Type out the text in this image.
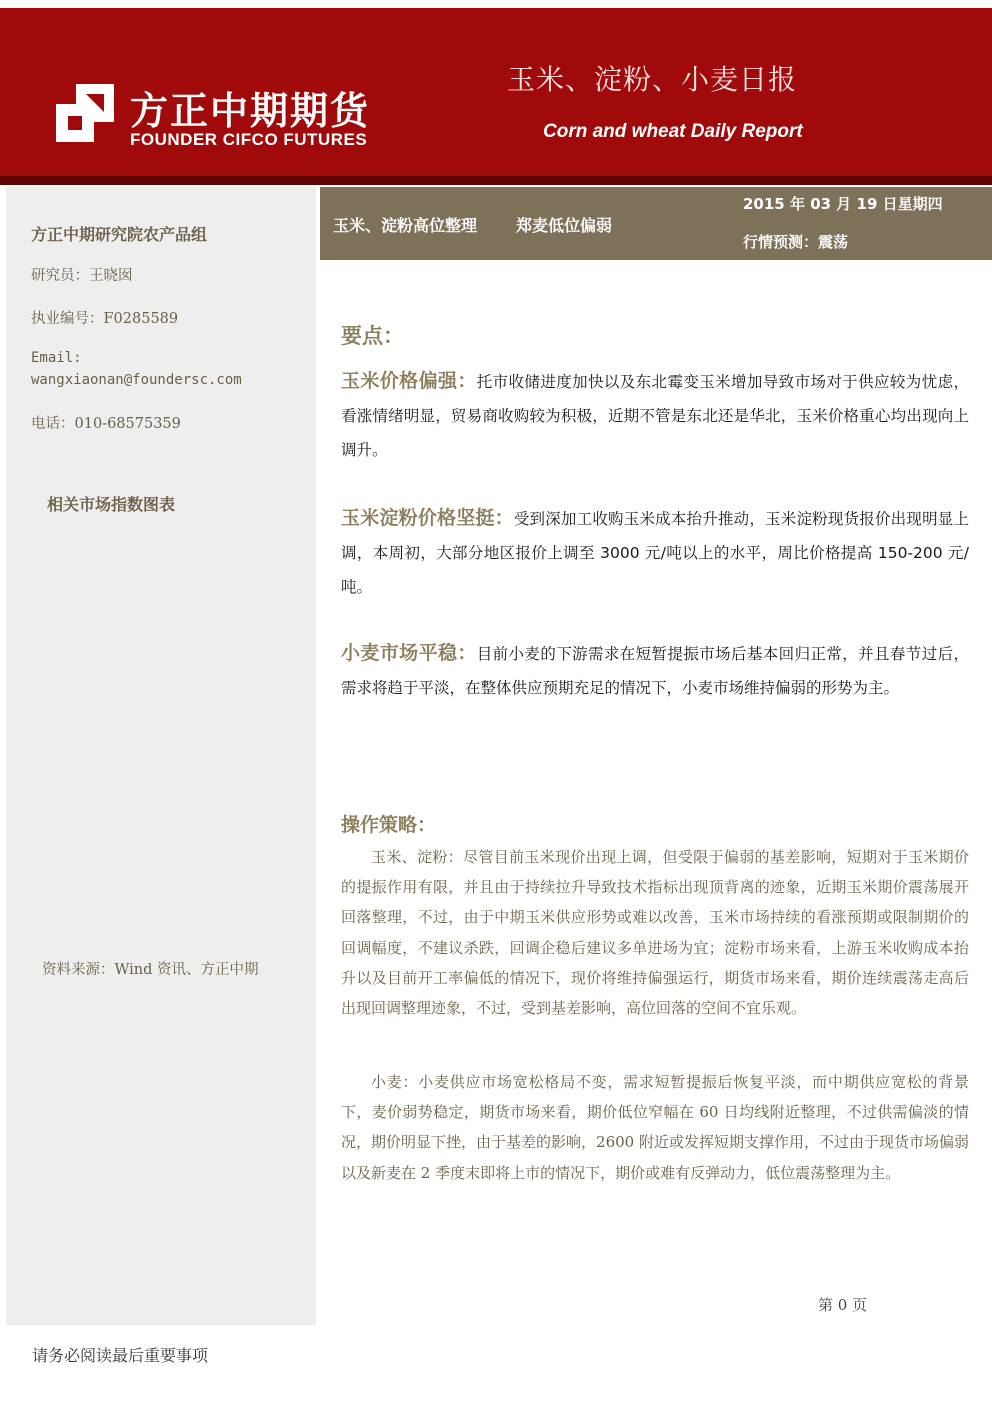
方正中期期货
FOUNDER CIFCO FUTURES
玉米、淀粉、小麦日报
Corn and wheat Daily Report
方正中期研究院农产品组
研究员：王晓囡
执业编号：F0285589
Email:
wangxiaonan@foundersc.com
电话：010-68575359
相关市场指数图表
资料来源：Wind 资讯、方正中期
玉米、淀粉高位整理 郑麦低位偏弱
2015 年 03 月 19 日星期四
行情预测：震荡
要点：
玉米价格偏强：托市收储进度加快以及东北霉变玉米增加导致市场对于供应较为忧虑，看涨情绪明显，贸易商收购较为积极，近期不管是东北还是华北，玉米价格重心均出现向上调升。
玉米淀粉价格坚挺：受到深加工收购玉米成本抬升推动，玉米淀粉现货报价出现明显上调，本周初，大部分地区报价上调至 3000 元/吨以上的水平，周比价格提高 150-200 元/吨。
小麦市场平稳：目前小麦的下游需求在短暂提振市场后基本回归正常，并且春节过后，需求将趋于平淡，在整体供应预期充足的情况下，小麦市场维持偏弱的形势为主。
操作策略：
玉米、淀粉：尽管目前玉米现价出现上调，但受限于偏弱的基差影响，短期对于玉米期价的提振作用有限，并且由于持续拉升导致技术指标出现顶背离的迹象，近期玉米期价震荡展开回落整理，不过，由于中期玉米供应形势或难以改善，玉米市场持续的看涨预期或限制期价的回调幅度，不建议杀跌，回调企稳后建议多单进场为宜；淀粉市场来看，上游玉米收购成本抬升以及目前开工率偏低的情况下，现价将维持偏强运行，期货市场来看，期价连续震荡走高后出现回调整理迹象，不过，受到基差影响，高位回落的空间不宜乐观。
小麦：小麦供应市场宽松格局不变，需求短暂提振后恢复平淡，而中期供应宽松的背景下，麦价弱势稳定，期货市场来看，期价低位窄幅在 60 日均线附近整理，不过供需偏淡的情况，期价明显下挫，由于基差的影响，2600 附近或发挥短期支撑作用，不过由于现货市场偏弱以及新麦在 2 季度末即将上市的情况下，期价或难有反弹动力，低位震荡整理为主。
第 0 页
请务必阅读最后重要事项
